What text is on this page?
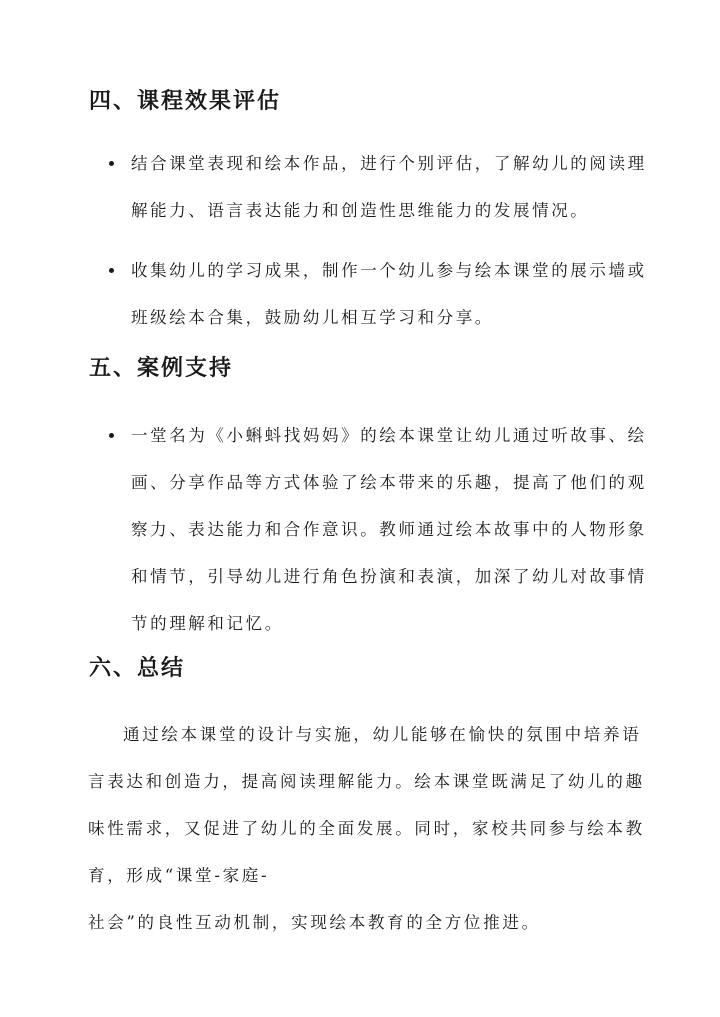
四、课程效果评估
结合课堂表现和绘本作品，进行个别评估，了解幼儿的阅读理解能力、语言表达能力和创造性思维能力的发展情况。
收集幼儿的学习成果，制作一个幼儿参与绘本课堂的展示墙或班级绘本合集，鼓励幼儿相互学习和分享。
五、案例支持
一堂名为《小蝌蚪找妈妈》的绘本课堂让幼儿通过听故事、绘画、分享作品等方式体验了绘本带来的乐趣，提高了他们的观察力、表达能力和合作意识。教师通过绘本故事中的人物形象和情节，引导幼儿进行角色扮演和表演，加深了幼儿对故事情节的理解和记忆。
六、总结
通过绘本课堂的设计与实施，幼儿能够在愉快的氛围中培养语
言表达和创造力，提高阅读理解能力。绘本课堂既满足了幼儿的趣
味性需求，又促进了幼儿的全面发展。同时，家校共同参与绘本教
育，形成“课堂-家庭-
社会”的良性互动机制，实现绘本教育的全方位推进。
